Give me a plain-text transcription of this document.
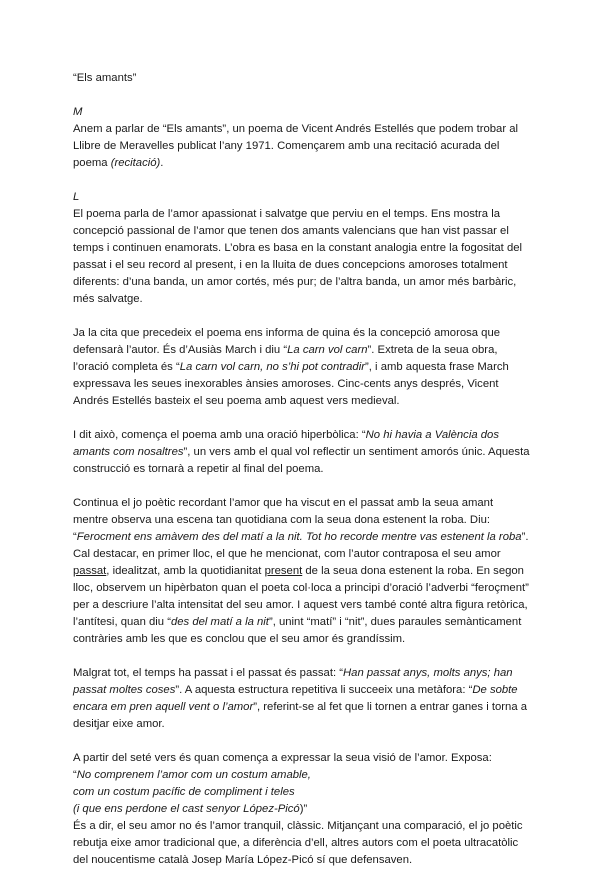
“Els amants”
M

Anem a parlar de “Els amants”, un poema de Vicent Andrés Estellés que podem trobar al Llibre de Meravelles publicat l’any 1971. Començarem amb una recitació acurada del poema (recitació).

L

El poema parla de l’amor apassionat i salvatge que perviu en el temps. Ens mostra la concepció passional de l’amor que tenen dos amants valencians que han vist passar el temps i continuen enamorats. L’obra es basa en la constant analogia entre la fogositat del passat i el seu record al present, i en la lluita de dues concepcions amoroses totalment diferents: d’una banda, un amor cortés, més pur; de l’altra banda, un amor més barbàric, més salvatge.

Ja la cita que precedeix el poema ens informa de quina és la concepció amorosa que defensarà l’autor. És d’Ausiàs March i diu “La carn vol carn”. Extreta de la seua obra, l’oració completa és “La carn vol carn, no s’hi pot contradir”, i amb aquesta frase March expressava les seues inexorables ànsies amoroses. Cinc-cents anys després, Vicent Andrés Estellés basteix el seu poema amb aquest vers medieval.

I dit això, comença el poema amb una oració hiperbòlica: “No hi havia a València dos amants com nosaltres”, un vers amb el qual vol reflectir un sentiment amorós únic. Aquesta construcció es tornarà a repetir al final del poema.

Continua el jo poètic recordant l’amor que ha viscut en el passat amb la seua amant mentre observa una escena tan quotidiana com la seua dona estenent la roba. Diu: “Ferocment ens amàvem des del matí a la nit. Tot ho recorde mentre vas estenent la roba”. Cal destacar, en primer lloc, el que he mencionat, com l’autor contraposa el seu amor passat, idealitzat, amb la quotidianitat present de la seua dona estenent la roba. En segon lloc, observem un hipèrbaton quan el poeta col·loca a principi d’oració l’adverbi “feroçment” per a descriure l’alta intensitat del seu amor. I aquest vers també conté altra figura retòrica, l’antítesi, quan diu “des del matí a la nit”, unint “matí” i “nit”, dues paraules semànticament contràries amb les que es conclou que el seu amor és grandíssim.

Malgrat tot, el temps ha passat i el passat és passat: “Han passat anys, molts anys; han passat moltes coses”. A aquesta estructura repetitiva li succeeix una metàfora: “De sobte encara em pren aquell vent o l’amor”, referint-se al fet que li tornen a entrar ganes i torna a desitjar eixe amor.

A partir del seté vers és quan comença a expressar la seua visió de l’amor. Exposa:
“No comprenem l’amor com un costum amable,
com un costum pacífic de compliment i teles
(i que ens perdone el cast senyor López-Picó)”
És a dir, el seu amor no és l’amor tranquil, clàssic. Mitjançant una comparació, el jo poètic rebutja eixe amor tradicional que, a diferència d’ell, altres autors com el poeta ultracatòlic del noucentisme català Josep María López-Picó sí que defensaven.
